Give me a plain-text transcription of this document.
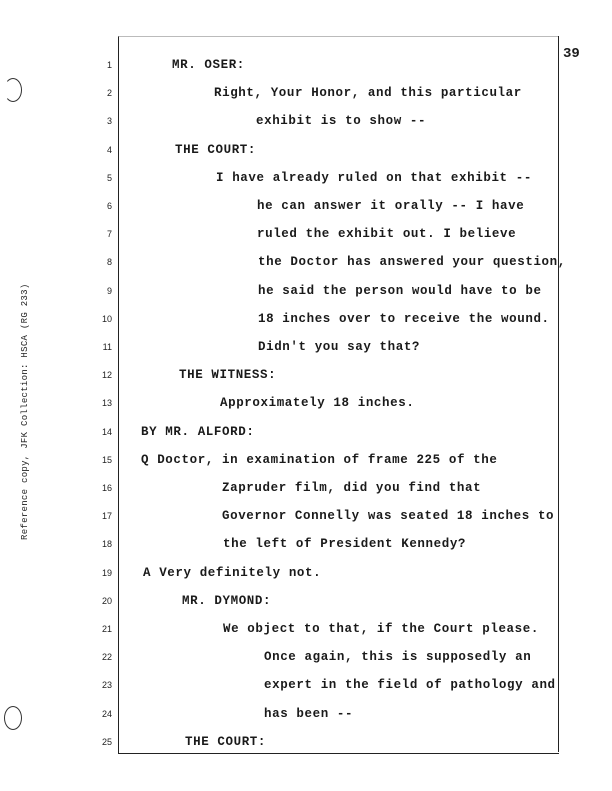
39
Reference copy, JFK Collection: HSCA (RG 233)
1	MR. OSER:
2	Right, Your Honor, and this particular
3	exhibit is to show --
4	THE COURT:
5	I have already ruled on that exhibit --
6	he can answer it orally -- I have
7	ruled the exhibit out. I believe
8	the Doctor has answered your question,
9	he said the person would have to be
10	18 inches over to receive the wound.
11	Didn't you say that?
12	THE WITNESS:
13	Approximately 18 inches.
14 BY MR. ALFORD:
15 Q Doctor, in examination of frame 225 of the
16	Zapruder film, did you find that
17	Governor Connelly was seated 18 inches to
18	the left of President Kennedy?
19 A Very definitely not.
20	MR. DYMOND:
21	We object to that, if the Court please.
22	Once again, this is supposedly an
23	expert in the field of pathology and
24	has been --
25	THE COURT:
